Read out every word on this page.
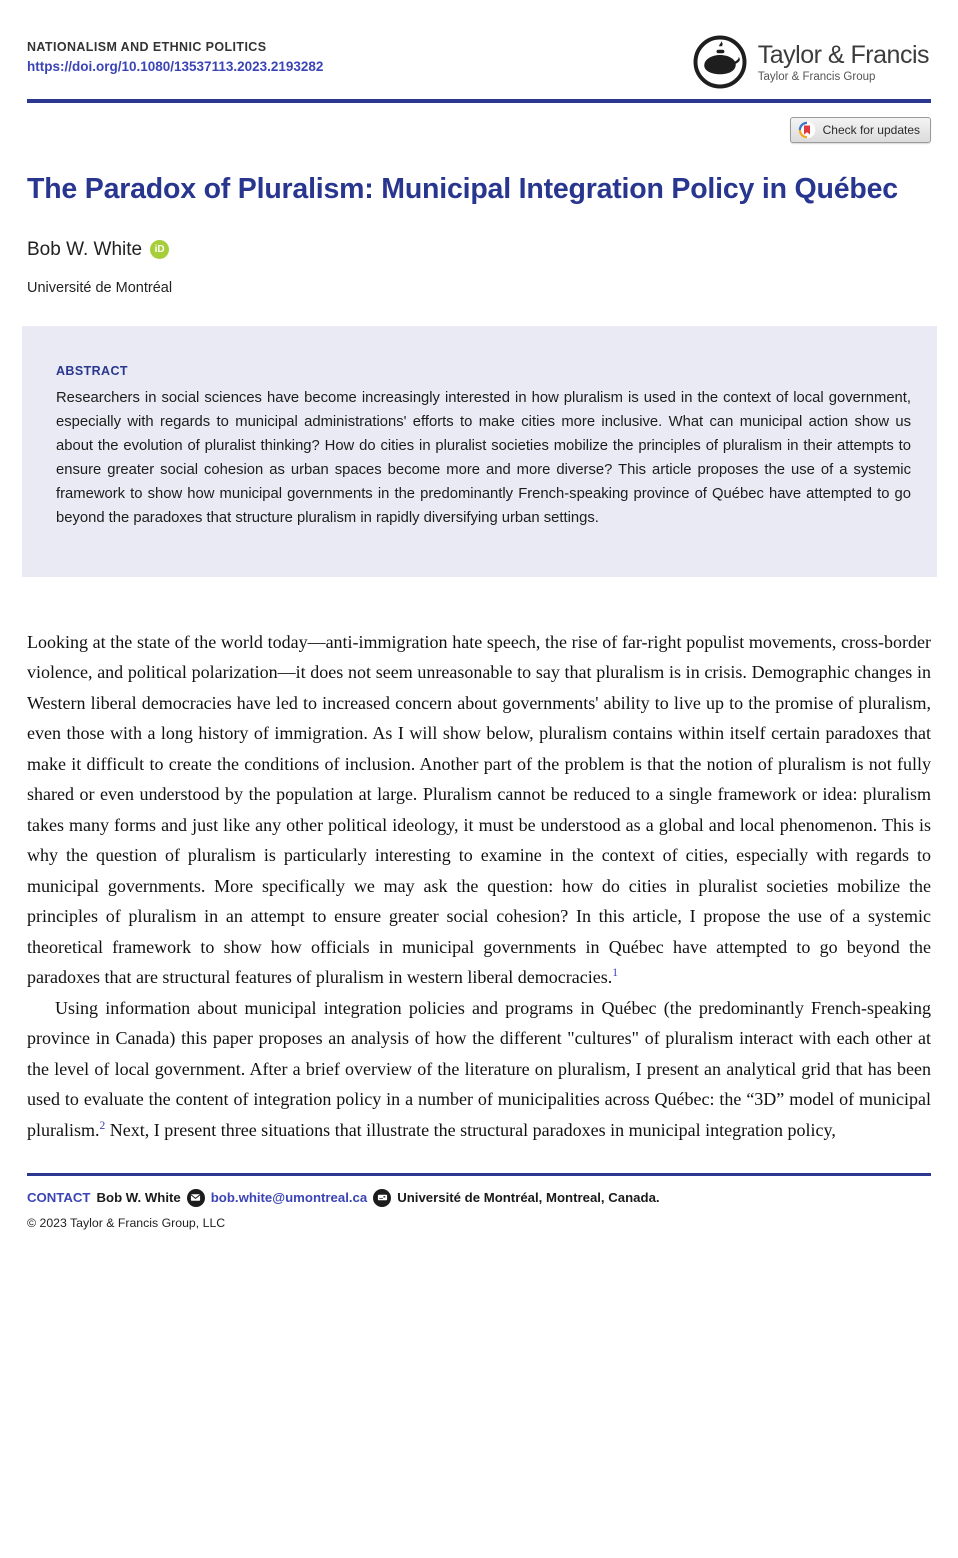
NATIONALISM AND ETHNIC POLITICS
https://doi.org/10.1080/13537113.2023.2193282	Taylor & Francis
Taylor & Francis Group
Check for updates
The Paradox of Pluralism: Municipal Integration Policy in Québec
Bob W. White	iD
Université de Montréal
ABSTRACT
Researchers in social sciences have become increasingly interested in how pluralism is used in the context of local government, especially with regards to municipal administrations' efforts to make cities more inclusive. What can municipal action show us about the evolution of pluralist thinking? How do cities in pluralist societies mobilize the principles of pluralism in their attempts to ensure greater social cohesion as urban spaces become more and more diverse? This article proposes the use of a systemic framework to show how municipal governments in the predominantly French-speaking province of Québec have attempted to go beyond the paradoxes that structure pluralism in rapidly diversifying urban settings.

Looking at the state of the world today—anti-immigration hate speech, the rise of far-right populist movements, cross-border violence, and political polarization—it does not seem unreasonable to say that pluralism is in crisis. Demographic changes in Western liberal democracies have led to increased concern about governments' ability to live up to the promise of pluralism, even those with a long history of immigration. As I will show below, pluralism contains within itself certain paradoxes that make it difficult to create the conditions of inclusion. Another part of the problem is that the notion of pluralism is not fully shared or even understood by the population at large. Pluralism cannot be reduced to a single framework or idea: pluralism takes many forms and just like any other political ideology, it must be understood as a global and local phenomenon. This is why the question of pluralism is particularly interesting to examine in the context of cities, especially with regards to municipal governments. More specifically we may ask the question: how do cities in pluralist societies mobilize the principles of pluralism in an attempt to ensure greater social cohesion? In this article, I propose the use of a systemic theoretical framework to show how officials in municipal governments in Québec have attempted to go beyond the paradoxes that are structural features of pluralism in western liberal democracies.$^1$

Using information about municipal integration policies and programs in Québec (the predominantly French-speaking province in Canada) this paper proposes an analysis of how the different "cultures" of pluralism interact with each other at the level of local government. After a brief overview of the literature on pluralism, I present an analytical grid that has been used to evaluate the content of integration policy in a number of municipalities across Québec: the “3D” model of municipal pluralism.$^2$ Next, I present three situations that illustrate the structural paradoxes in municipal integration policy,

CONTACT Bob W. White bob.white@umontreal.ca Université de Montréal, Montreal, Canada.
© 2023 Taylor & Francis Group, LLC
